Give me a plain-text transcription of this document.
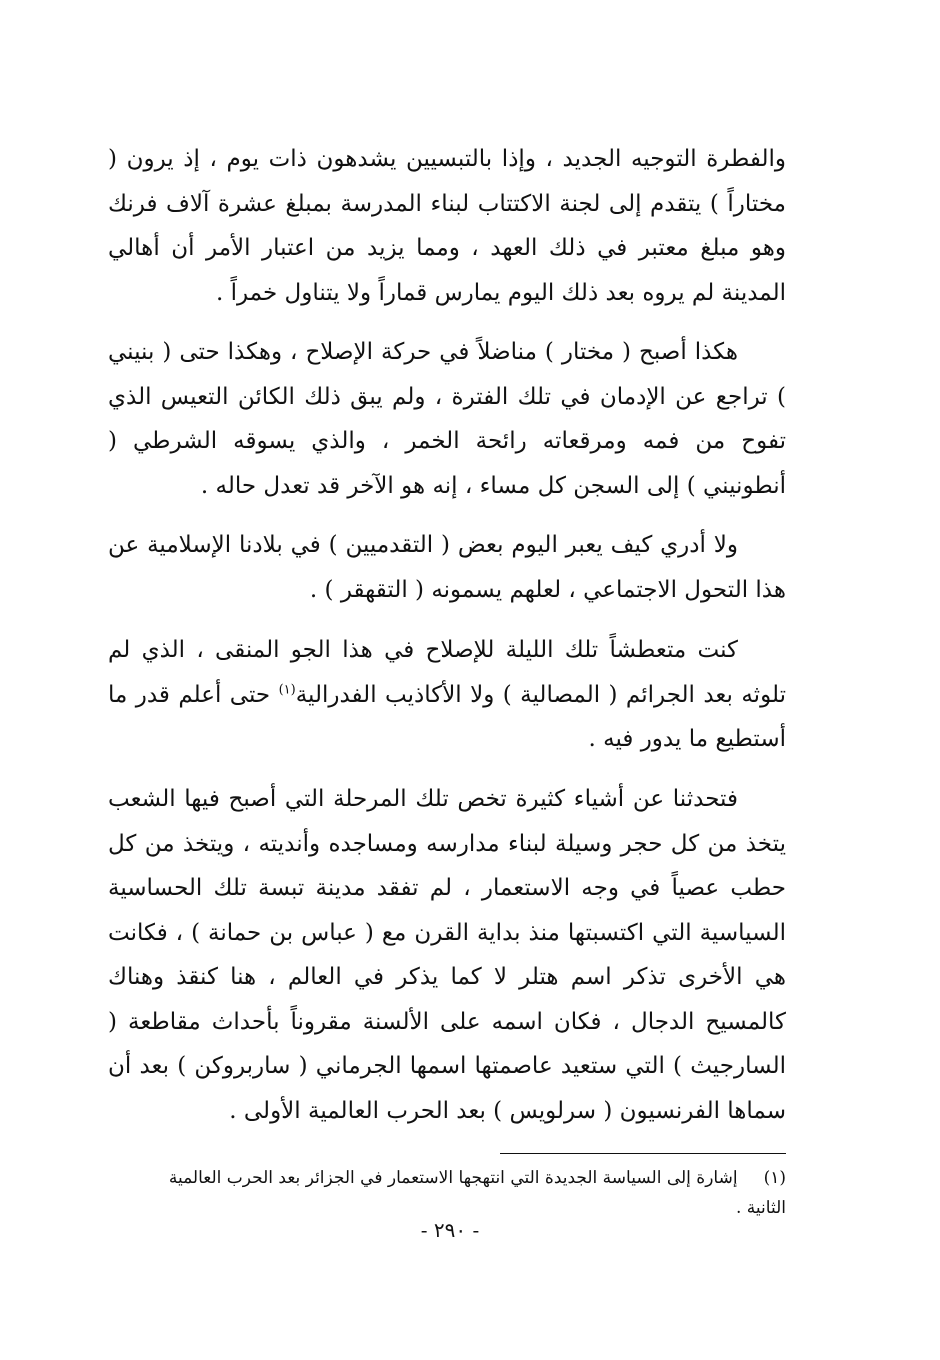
والفطرة التوجيه الجديد ، وإذا بالتبسيين يشدهون ذات يوم ، إذ يرون ( مختاراً ) يتقدم إلى لجنة الاكتتاب لبناء المدرسة بمبلغ عشرة آلاف فرنك وهو مبلغ معتبر في ذلك العهد ، ومما يزيد من اعتبار الأمر أن أهالي المدينة لم يروه بعد ذلك اليوم يمارس قماراً ولا يتناول خمراً .

هكذا أصبح ( مختار ) مناضلاً في حركة الإصلاح ، وهكذا حتى ( بنيني ) تراجع عن الإدمان في تلك الفترة ، ولم يبق ذلك الكائن التعيس الذي تفوح من فمه ومرقعاته رائحة الخمر ، والذي يسوقه الشرطي ( أنطونيني ) إلى السجن كل مساء ، إنه هو الآخر قد تعدل حاله .

ولا أدري كيف يعبر اليوم بعض ( التقدميين ) في بلادنا الإسلامية عن هذا التحول الاجتماعي ، لعلهم يسمونه ( التقهقر ) .

كنت متعطشاً تلك الليلة للإصلاح في هذا الجو المنقى ، الذي لم تلوثه بعد الجرائم ( المصالية ) ولا الأكاذيب الفدرالية$^{(١)}$ حتى أعلم قدر ما أستطيع ما يدور فيه .

فتحدثنا عن أشياء كثيرة تخص تلك المرحلة التي أصبح فيها الشعب يتخذ من كل حجر وسيلة لبناء مدارسه ومساجده وأنديته ، ويتخذ من كل حطب عصياً في وجه الاستعمار ، لم تفقد مدينة تبسة تلك الحساسية السياسية التي اكتسبتها منذ بداية القرن مع ( عباس بن حمانة ) ، فكانت هي الأخرى تذكر اسم هتلر لا كما يذكر في العالم ، هنا كنقذ وهناك كالمسيح الدجال ، فكان اسمه على الألسنة مقروناً بأحداث مقاطعة ( السارجيث ) التي ستعيد عاصمتها اسمها الجرماني ( ساربروكن ) بعد أن سماها الفرنسيون ( سرلويس ) بعد الحرب العالمية الأولى .

(١)إشارة إلى السياسة الجديدة التي انتهجها الاستعمار في الجزائر بعد الحرب العالمية الثانية .
- ٢٩٠ -
